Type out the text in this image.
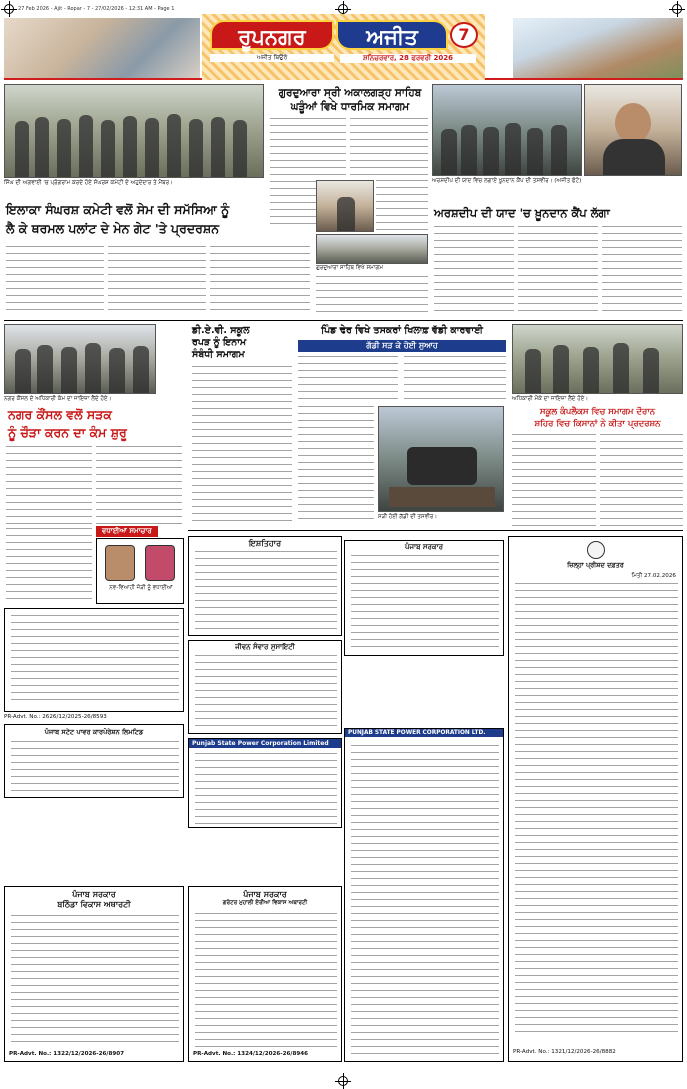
27 Feb 2026 - Ajit - Ropar - 7 - 27/02/2026 - 12:31 AM - Page 1
ਰੂਪਨਗਰ	ਅਜੀਤ	7
ਅਜੀਤ ਬਿਉਰੋ	ਸ਼ਨਿਚਰਵਾਰ, 28 ਫਰਵਰੀ 2026
ਸਿੰਘ ਦੀ ਅਗਵਾਈ 'ਚ ਪ੍ਰੋਗਰਾਮ ਕਰਦੇ ਹੋਏ ਸੰਘਰਸ਼ ਕਮੇਟੀ ਦੇ ਅਹੁਦੇਦਾਰ ਤੇ ਮੈਂਬਰ।
ਗੁਰਦੁਆਰਾ ਸ੍ਰੀ ਅਕਾਲਗੜ੍ਹ ਸਾਹਿਬ
ਘੜੂੰਆਂ ਵਿਖੇ ਧਾਰਮਿਕ ਸਮਾਗਮ
ਗੁਰਦੁਆਰਾ ਸਾਹਿਬ ਵਿਖੇ ਸਮਾਗਮ
ਅਰਸ਼ਦੀਪ ਦੀ ਯਾਦ ਵਿਚ ਲਗਾਏ ਖੂਨਦਾਨ ਕੈਂਪ ਦੀ ਤਸਵੀਰ। (ਅਜੀਤ ਫੋਟੋ)
ਇਲਾਕਾ ਸੰਘਰਸ਼ ਕਮੇਟੀ ਵਲੋਂ ਸੇਮ ਦੀ ਸਮੱਸਿਆ ਨੂੰ
ਲੈ ਕੇ ਥਰਮਲ ਪਲਾਂਟ ਦੇ ਮੇਨ ਗੇਟ 'ਤੇ ਪ੍ਰਦਰਸ਼ਨ
ਅਰਸ਼ਦੀਪ ਦੀ ਯਾਦ 'ਚ ਖ਼ੂਨਦਾਨ ਕੈਂਪ ਲੱਗਾ
ਨਗਰ ਕੌਂਸਲ ਦੇ ਅਧਿਕਾਰੀ ਕੰਮ ਦਾ ਜਾਇਜ਼ਾ ਲੈਂਦੇ ਹੋਏ।
ਨਗਰ ਕੌਂਸਲ ਵਲੋਂ ਸੜਕ
ਨੂੰ ਚੌੜਾ ਕਰਨ ਦਾ ਕੰਮ ਸ਼ੁਰੂ
ਵਧਾਈਆਂ ਸਮਾਚਾਰ
ਨਵ-ਵਿਆਹੀ ਜੋੜੀ ਨੂੰ ਵਧਾਈਆਂ
ਡੀ.ਏ.ਵੀ. ਸਕੂਲ
ਰਪੜ ਨੂੰ ਇਨਾਮ
ਸੰਬੰਧੀ ਸਮਾਗਮ
ਪਿੰਡ ਢੇਰ ਵਿਖੇ ਤਸਕਰਾਂ ਖਿਲਾਫ਼ ਵੱਡੀ ਕਾਰਵਾਈ
ਗੱਡੀ ਸੜ ਕੇ ਹੋਈ ਸੁਆਹ
ਸੜੀ ਹੋਈ ਗੱਡੀ ਦੀ ਤਸਵੀਰ।
ਅਧਿਕਾਰੀ ਮੌਕੇ ਦਾ ਜਾਇਜ਼ਾ ਲੈਂਦੇ ਹੋਏ।
ਸਕੂਲ ਕੰਪਲੈਕਸ ਵਿਚ ਸਮਾਗਮ ਦੌਰਾਨ
ਸ਼ਹਿਰ ਵਿਚ ਕਿਸਾਨਾਂ ਨੇ ਕੀਤਾ ਪ੍ਰਦਰਸ਼ਨ
PR-Advt. No.: 2626/12/2025-26/8593
ਪੰਜਾਬ ਸਟੇਟ ਪਾਵਰ ਕਾਰਪੋਰੇਸ਼ਨ ਲਿਮਟਿਡ
ਇਸ਼ਤਿਹਾਰ
ਜੀਵਨ ਸੰਵਾਰ ਸੁਸਾਇਟੀ
Punjab State Power Corporation Limited
ਪੰਜਾਬ ਸਰਕਾਰ
PUNJAB STATE POWER CORPORATION LTD.
ਜ਼ਿਲ੍ਹਾ ਪ੍ਰੀਸ਼ਦ ਦਫ਼ਤਰ
ਮਿਤੀ 27.02.2026
PR-Advt. No.: 1321/12/2026-26/8882
ਪੰਜਾਬ ਸਰਕਾਰ
ਬਠਿੰਡਾ ਵਿਕਾਸ ਅਥਾਰਟੀ
PR-Advt. No.: 1322/12/2026-26/8907
ਪੰਜਾਬ ਸਰਕਾਰ
ਗਰੇਟਰ ਮੁਹਾਲੀ ਏਰੀਆ ਵਿਕਾਸ ਅਥਾਰਟੀ
PR-Advt. No.: 1324/12/2026-26/8946
